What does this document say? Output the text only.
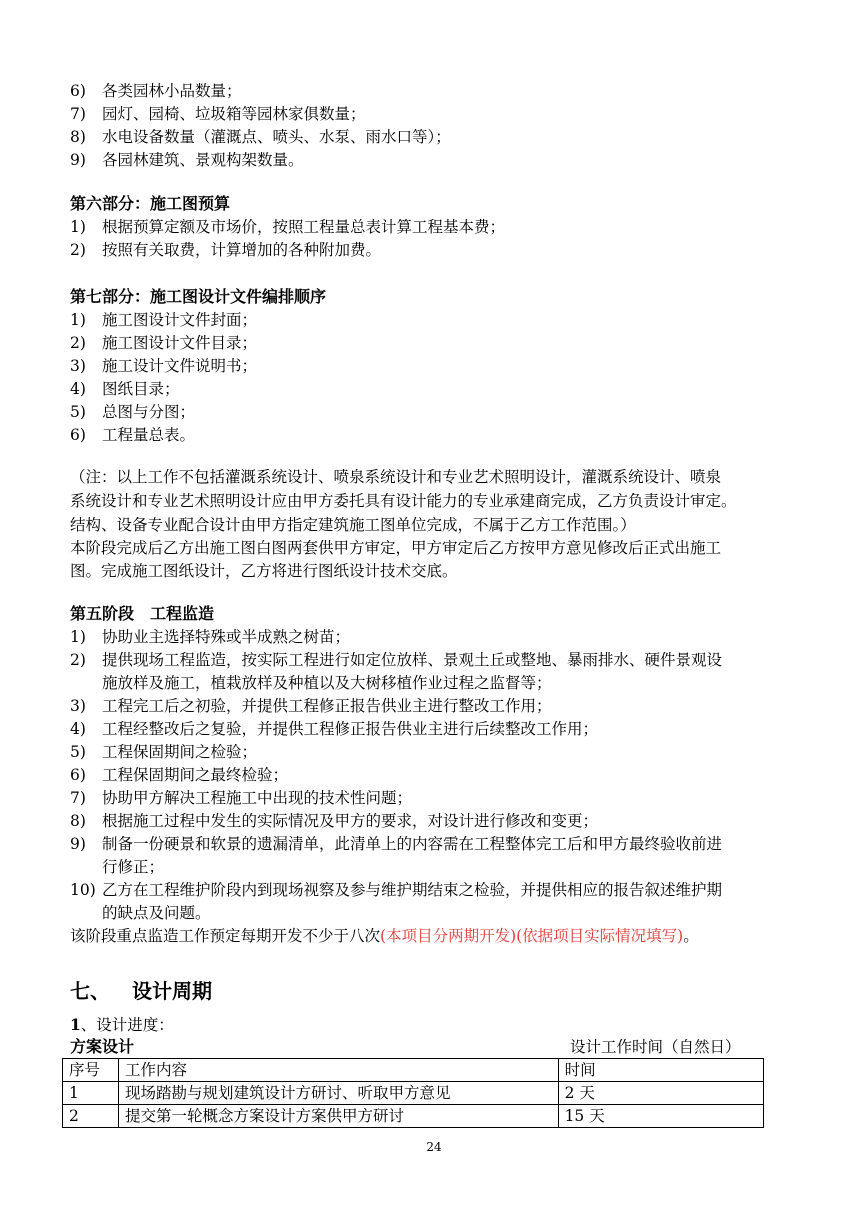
6) 各类园林小品数量；
7) 园灯、园椅、垃圾箱等园林家俱数量；
8) 水电设备数量（灌溉点、喷头、水泵、雨水口等）；
9) 各园林建筑、景观构架数量。
第六部分：施工图预算
1) 根据预算定额及市场价，按照工程量总表计算工程基本费；
2) 按照有关取费，计算增加的各种附加费。
第七部分：施工图设计文件编排顺序
1) 施工图设计文件封面；
2) 施工图设计文件目录；
3) 施工设计文件说明书；
4) 图纸目录；
5) 总图与分图；
6) 工程量总表。
（注：以上工作不包括灌溉系统设计、喷泉系统设计和专业艺术照明设计，灌溉系统设计、喷泉
系统设计和专业艺术照明设计应由甲方委托具有设计能力的专业承建商完成，乙方负责设计审定。
结构、设备专业配合设计由甲方指定建筑施工图单位完成，不属于乙方工作范围。）
本阶段完成后乙方出施工图白图两套供甲方审定，甲方审定后乙方按甲方意见修改后正式出施工
图。完成施工图纸设计，乙方将进行图纸设计技术交底。
第五阶段　工程监造
1) 协助业主选择特殊或半成熟之树苗；
2) 提供现场工程监造，按实际工程进行如定位放样、景观土丘或整地、暴雨排水、硬件景观设
施放样及施工，植栽放样及种植以及大树移植作业过程之监督等；
3) 工程完工后之初验，并提供工程修正报告供业主进行整改工作用；
4) 工程经整改后之复验，并提供工程修正报告供业主进行后续整改工作用；
5) 工程保固期间之检验；
6) 工程保固期间之最终检验；
7) 协助甲方解决工程施工中出现的技术性问题；
8) 根据施工过程中发生的实际情况及甲方的要求，对设计进行修改和变更；
9) 制备一份硬景和软景的遗漏清单，此清单上的内容需在工程整体完工后和甲方最终验收前进
行修正；
10) 乙方在工程维护阶段内到现场视察及参与维护期结束之检验，并提供相应的报告叙述维护期
的缺点及问题。
该阶段重点监造工作预定每期开发不少于八次(本项目分两期开发)(依据项目实际情况填写)。
七、 设计周期
1、设计进度：
方案设计	设计工作时间（自然日）
序号	工作内容	时间
1	现场踏勘与规划建筑设计方研讨、听取甲方意见	2 天
2	提交第一轮概念方案设计方案供甲方研讨	15 天
24
